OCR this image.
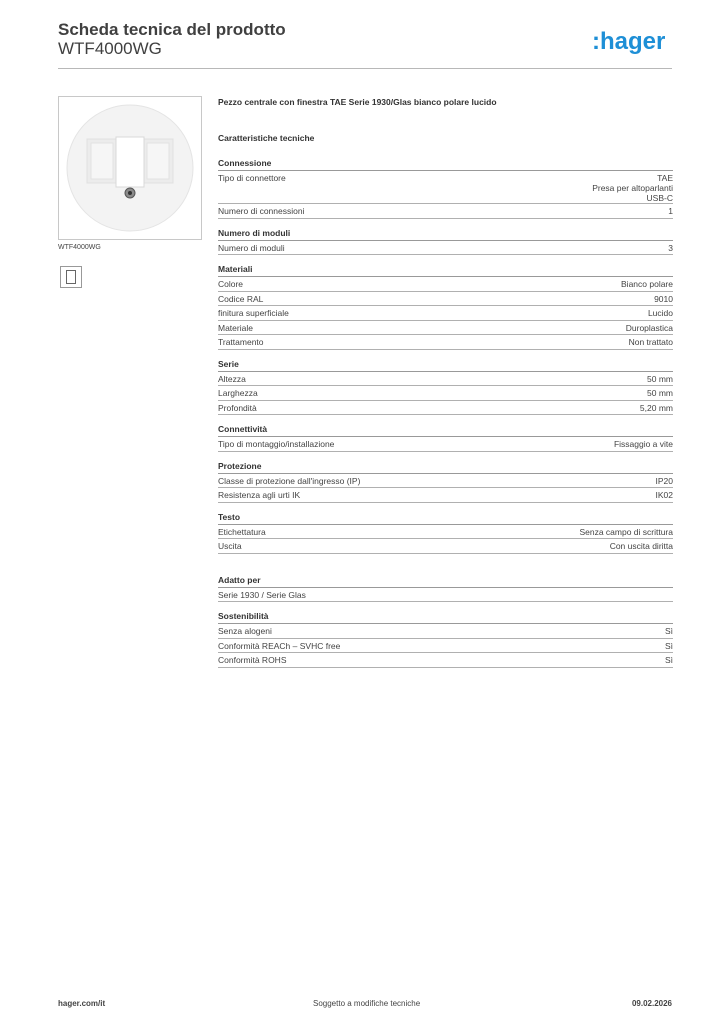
Scheda tecnica del prodotto
WTF4000WG	:hager
WTF4000WG
Pezzo centrale con finestra TAE Serie 1930/Glas bianco polare lucido
Caratteristiche tecniche
Connessione
Tipo di connettore	TAE
Presa per altoparlanti
USB-C
Numero di connessioni	1
Numero di moduli
Numero di moduli	3
Materiali
Colore	Bianco polare
Codice RAL	9010
finitura superficiale	Lucido
Materiale	Duroplastica
Trattamento	Non trattato
Serie
Altezza	50 mm
Larghezza	50 mm
Profondità	5,20 mm
Connettività
Tipo di montaggio/installazione	Fissaggio a vite
Protezione
Classe di protezione dall'ingresso (IP)	IP20
Resistenza agli urti IK	IK02
Testo
Etichettatura	Senza campo di scrittura
Uscita	Con uscita diritta
Adatto per
Serie 1930 / Serie Glas
Sostenibilità
Senza alogeni	Sì
Conformità REACh – SVHC free	Sì
Conformità ROHS	Sì
hager.com/it	Soggetto a modifiche tecniche	09.02.2026
